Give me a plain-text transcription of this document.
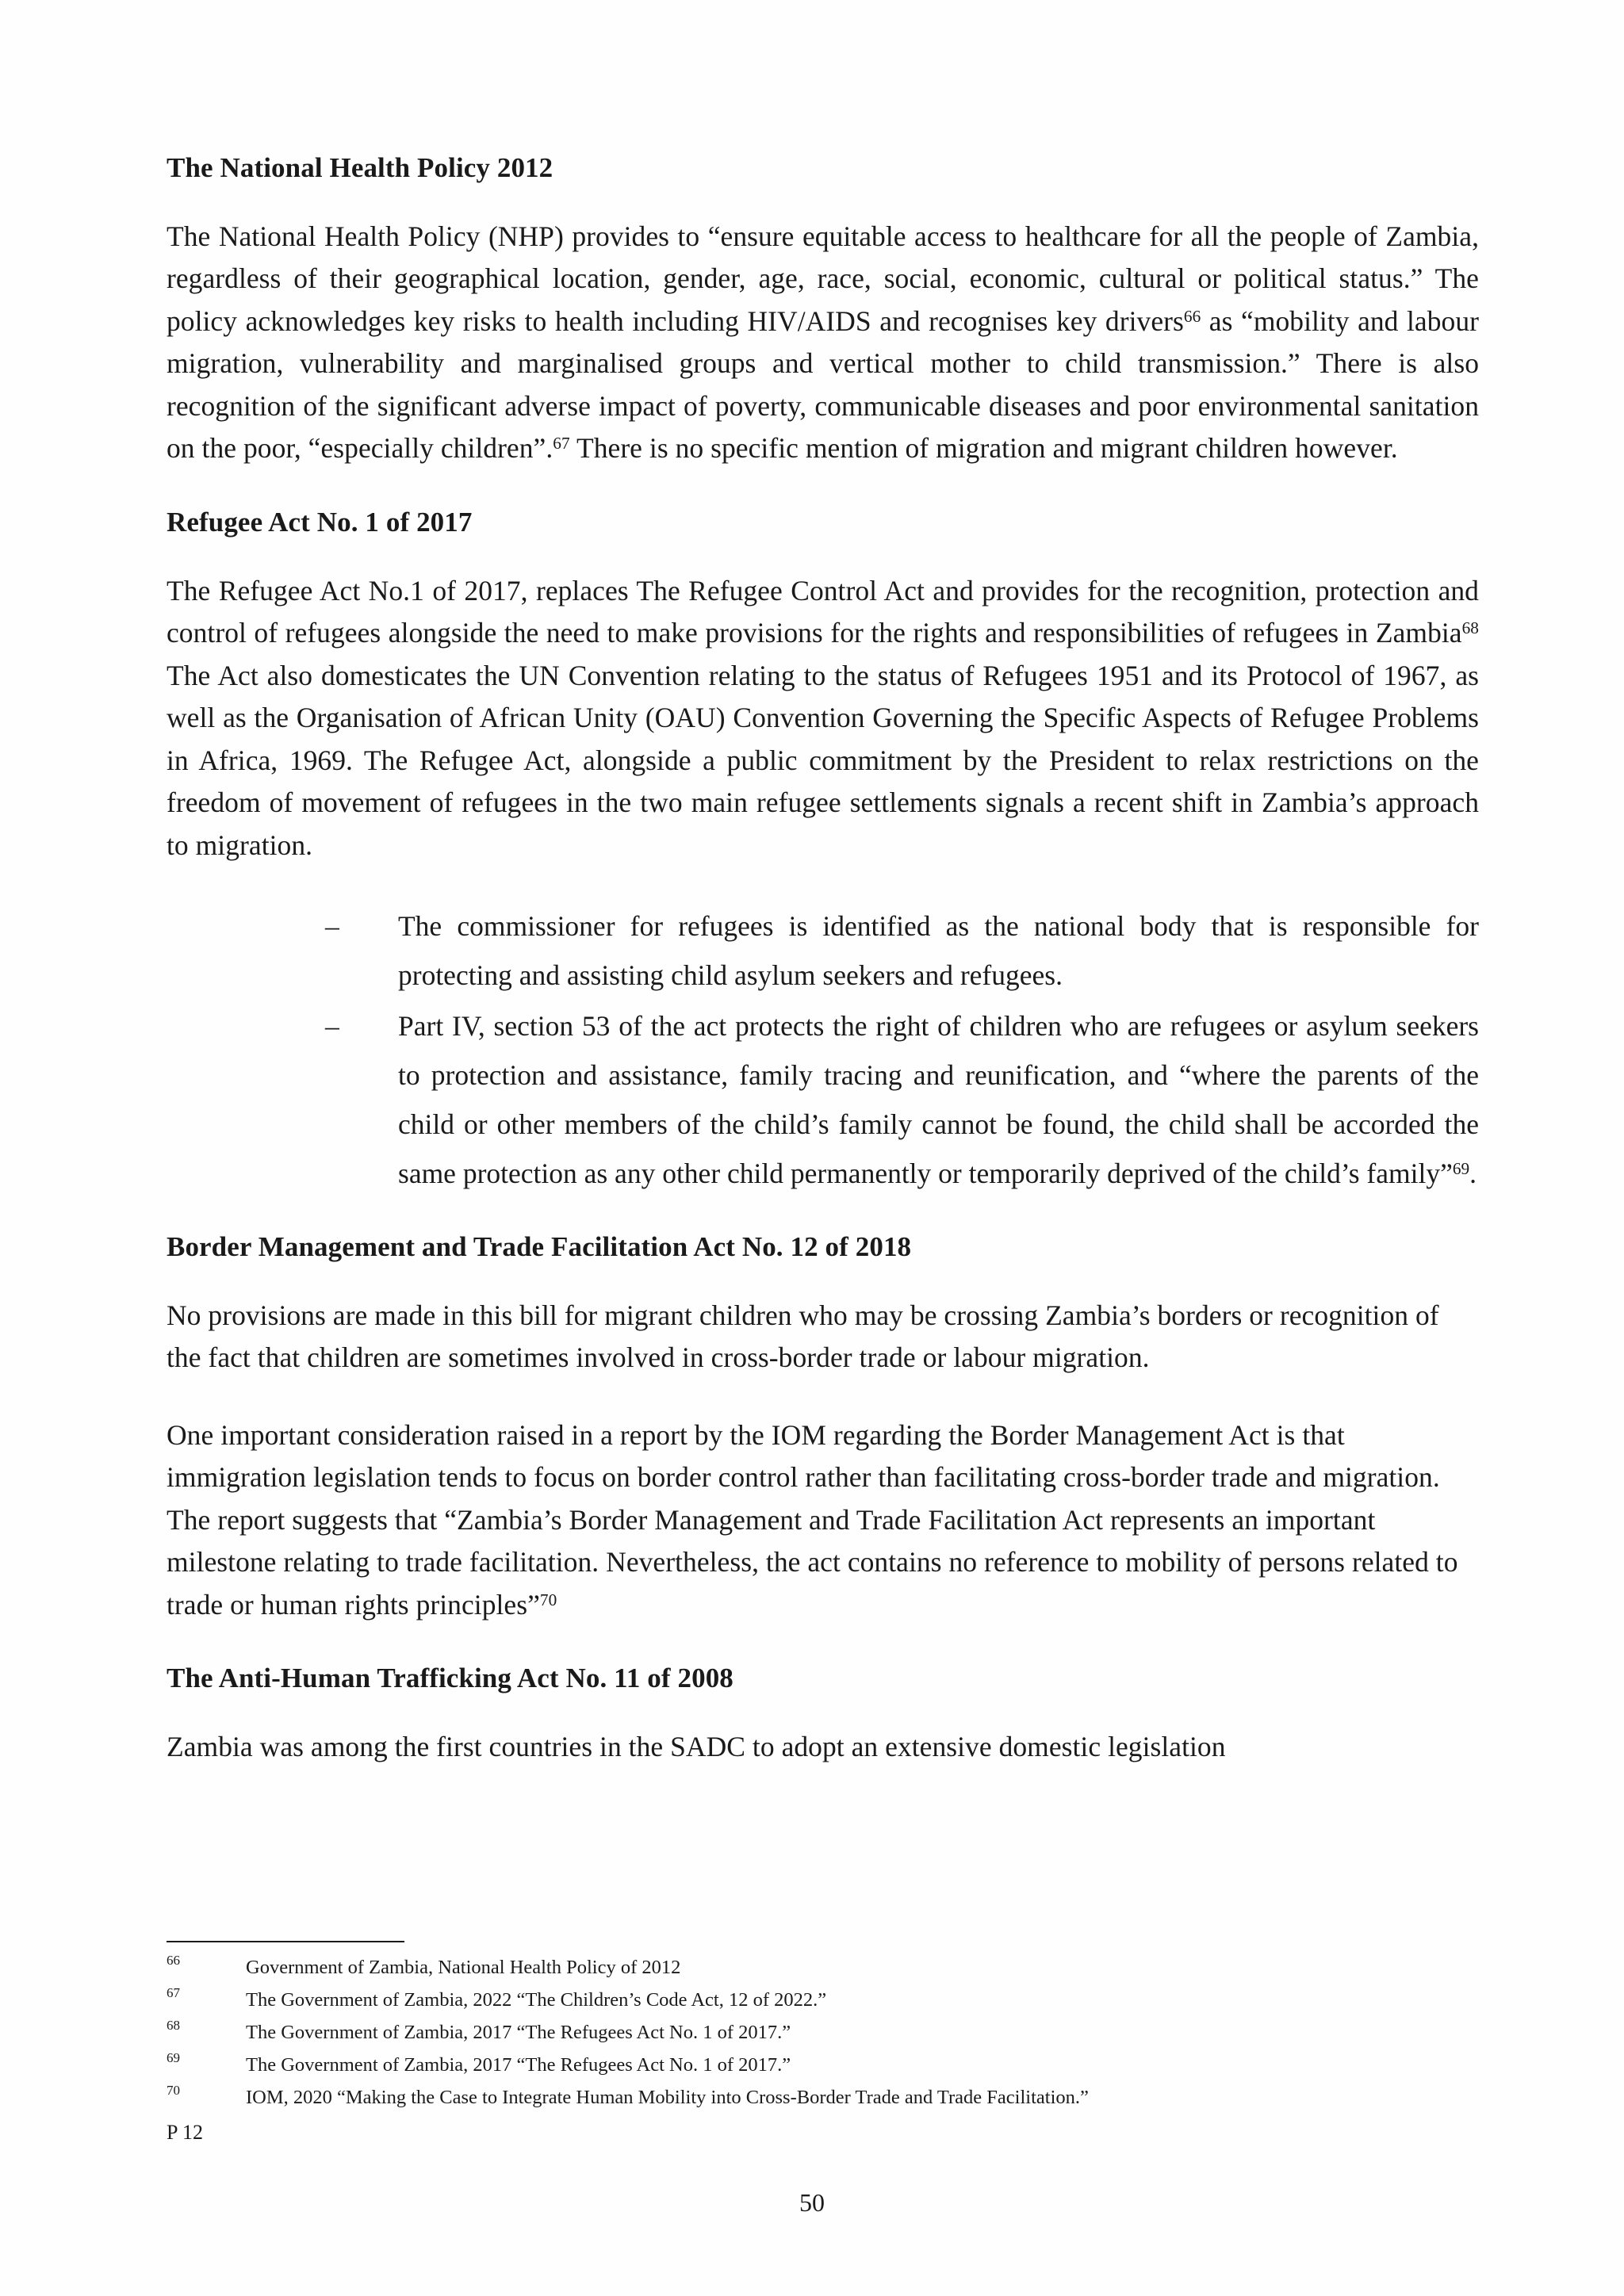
The National Health Policy 2012

The National Health Policy (NHP) provides to “ensure equitable access to healthcare for all the people of Zambia, regardless of their geographical location, gender, age, race, social, economic, cultural or political status.” The policy acknowledges key risks to health including HIV/AIDS and recognises key drivers$^{66}$ as “mobility and labour migration, vulnerability and marginalised groups and vertical mother to child transmission.” There is also recognition of the significant adverse impact of poverty, communicable diseases and poor environmental sanitation on the poor, “especially children”.$^{67}$ There is no specific mention of migration and migrant children however.

Refugee Act No. 1 of 2017

The Refugee Act No.1 of 2017, replaces The Refugee Control Act and provides for the recognition, protection and control of refugees alongside the need to make provisions for the rights and responsibilities of refugees in Zambia$^{68}$ The Act also domesticates the UN Convention relating to the status of Refugees 1951 and its Protocol of 1967, as well as the Organisation of African Unity (OAU) Convention Governing the Specific Aspects of Refugee Problems in Africa, 1969. The Refugee Act, alongside a public commitment by the President to relax restrictions on the freedom of movement of refugees in the two main refugee settlements signals a recent shift in Zambia’s approach to migration.

– The commissioner for refugees is identified as the national body that is responsible for protecting and assisting child asylum seekers and refugees.
– Part IV, section 53 of the act protects the right of children who are refugees or asylum seekers to protection and assistance, family tracing and reunification, and “where the parents of the child or other members of the child’s family cannot be found, the child shall be accorded the same protection as any other child permanently or temporarily deprived of the child’s family”$^{69}$.
Border Management and Trade Facilitation Act No. 12 of 2018

No provisions are made in this bill for migrant children who may be crossing Zambia’s borders or recognition of the fact that children are sometimes involved in cross-border trade or labour migration.

One important consideration raised in a report by the IOM regarding the Border Management Act is that immigration legislation tends to focus on border control rather than facilitating cross-border trade and migration. The report suggests that “Zambia’s Border Management and Trade Facilitation Act represents an important milestone relating to trade facilitation. Nevertheless, the act contains no reference to mobility of persons related to trade or human rights principles”$^{70}$

The Anti-Human Trafficking Act No. 11 of 2008

Zambia was among the first countries in the SADC to adopt an extensive domestic legislation

66	Government of Zambia, National Health Policy of 2012
67	The Government of Zambia, 2022 “The Children’s Code Act, 12 of 2022.”
68	The Government of Zambia, 2017 “The Refugees Act No. 1 of 2017.”
69	The Government of Zambia, 2017 “The Refugees Act No. 1 of 2017.”
70	IOM, 2020 “Making the Case to Integrate Human Mobility into Cross-Border Trade and Trade Facilitation.”
P 12
50
